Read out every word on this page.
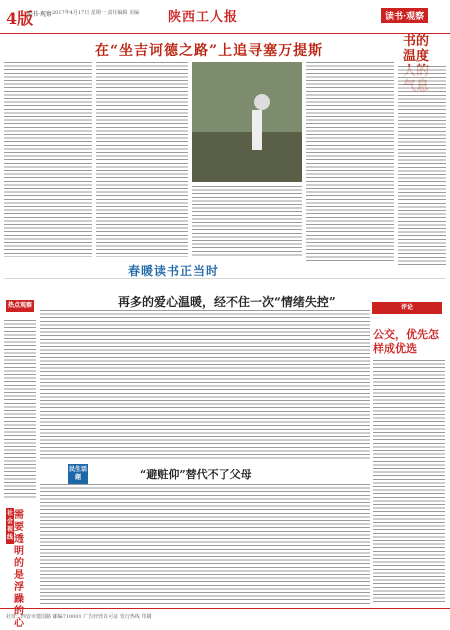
4版
读书·观察 2017年4月17日 星期一 责任编辑 美编 陕西工人报	读书·观察
在“坐吉诃德之路”上追寻塞万提斯
书的温度
春暖读书正当时
再多的爱心温暖，经不住一次“情绪失控”	评论
公交，优先怎样成优选
热点观察
社会视线
需要透明的是浮躁的心
民生话题	“避赃仰”替代不了父母
社址：西安市建国路 邮编710001 广告经营许可证 发行热线 印刷
